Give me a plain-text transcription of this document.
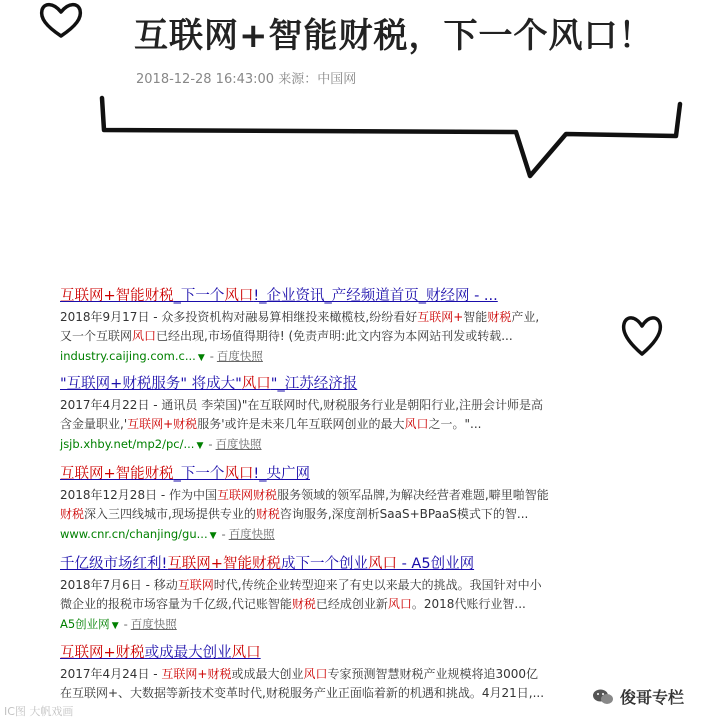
互联网+智能财税，下一个风口！
2018-12-28 16:43:00 来源：中国网
互联网+智能财税_下一个风口!_企业资讯_产经频道首页_财经网 - ...
2018年9月17日 - 众多投资机构对融易算相继投来橄榄枝,纷纷看好互联网+智能财税产业,又一个互联网风口已经出现,市场值得期待! (免责声明:此文内容为本网站刊发或转载...
industry.caijing.com.c... ▼ - 百度快照
"互联网+财税服务" 将成大"风口"_江苏经济报
2017年4月22日 - 通讯员 李荣国)"在互联网时代,财税服务行业是朝阳行业,注册会计师是高含金量职业,'互联网+财税服务'或许是未来几年互联网创业的最大风口之一。"...
jsjb.xhby.net/mp2/pc/... ▼ - 百度快照
互联网+智能财税_下一个风口!_央广网
2018年12月28日 - 作为中国互联网财税服务领域的领军品牌,为解决经营者难题,噼里啪智能财税深入三四线城市,现场提供专业的财税咨询服务,深度剖析SaaS+BPaaS模式下的智...
www.cnr.cn/chanjing/gu... ▼ - 百度快照
千亿级市场红利!互联网+智能财税成下一个创业风口 - A5创业网
2018年7月6日 - 移动互联网时代,传统企业转型迎来了有史以来最大的挑战。我国针对中小微企业的报税市场容量为千亿级,代记账智能财税已经成创业新风口。2018代账行业智...
A5创业网 ▼ - 百度快照
互联网+财税或成最大创业风口
2017年4月24日 - 互联网+财税或成最大创业风口专家预测智慧财税产业规模将追3000亿在互联网+、大数据等新技术变革时代,财税服务产业正面临着新的机遇和挑战。4月21日,...
IC图 大帆戏画
俊哥专栏
